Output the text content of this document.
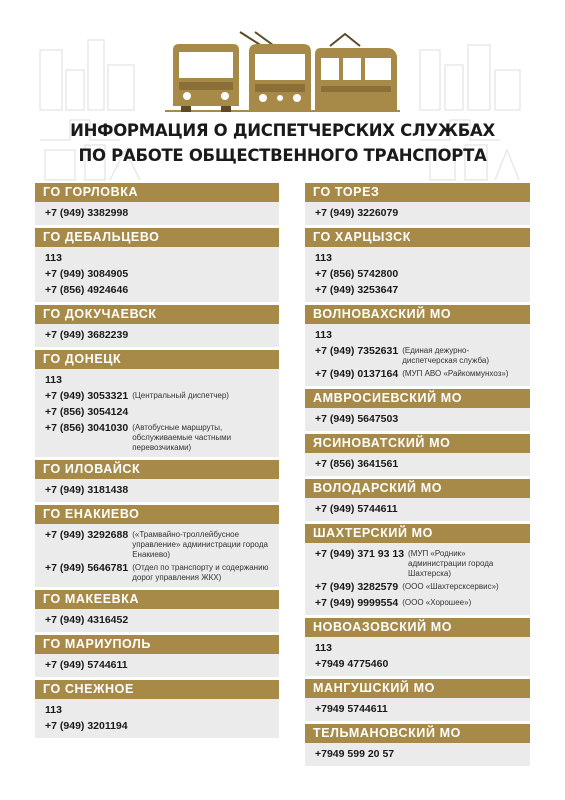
ИНФОРМАЦИЯ О ДИСПЕТЧЕРСКИХ СЛУЖБАХ
ПО РАБОТЕ ОБЩЕСТВЕННОГО ТРАНСПОРТА
ГО ГОРЛОВКА
+7 (949) 3382998
ГО ДЕБАЛЬЦЕВО
113
+7 (949) 3084905
+7 (856) 4924646
ГО ДОКУЧАЕВСК
+7 (949) 3682239
ГО ДОНЕЦК
113
+7 (949) 3053321 (Центральный диспетчер)
+7 (856) 3054124
+7 (856) 3041030 (Автобусные маршруты, обслуживаемые частными перевозчиками)
ГО ИЛОВАЙСК
+7 (949) 3181438
ГО ЕНАКИЕВО
+7 (949) 3292688 («Трамвайно-троллейбусное управление» администрации города Енакиево)
+7 (949) 5646781 (Отдел по транспорту и содержанию дорог управления ЖКХ)
ГО МАКЕЕВКА
+7 (949) 4316452
ГО МАРИУПОЛЬ
+7 (949) 5744611
ГО СНЕЖНОЕ
113
+7 (949) 3201194
ГО ТОРЕЗ
+7 (949) 3226079
ГО ХАРЦЫЗСК
113
+7 (856) 5742800
+7 (949) 3253647
ВОЛНОВАХСКИЙ МО
113
+7 (949) 7352631 (Единая дежурно-диспетчерская служба)
+7 (949) 0137164 (МУП АВО «Райкоммунхоз»)
АМВРОСИЕВСКИЙ МО
+7 (949) 5647503
ЯСИНОВАТСКИЙ МО
+7 (856) 3641561
ВОЛОДАРСКИЙ МО
+7 (949) 5744611
ШАХТЕРСКИЙ МО
+7 (949) 371 93 13 (МУП «Родник» администрации города Шахтерска)
+7 (949) 3282579 (ООО «Шахтерсксервис»)
+7 (949) 9999554 (ООО «Хорошее»)
НОВОАЗОВСКИЙ МО
113
+7949 4775460
МАНГУШСКИЙ МО
+7949 5744611
ТЕЛЬМАНОВСКИЙ МО
+7949 599 20 57
